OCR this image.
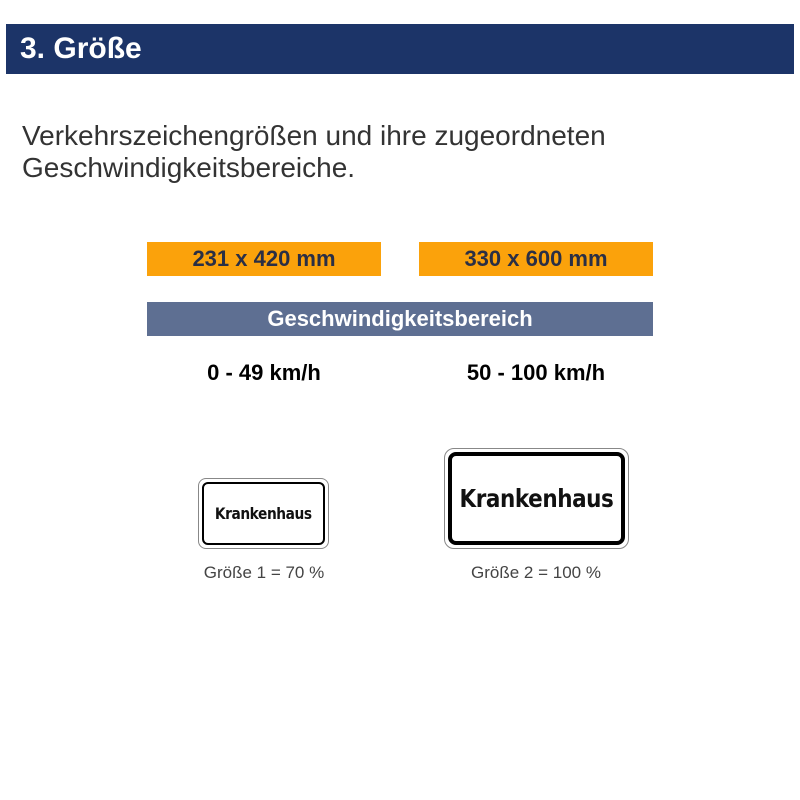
3. Größe
Verkehrszeichengrößen und ihre zugeordneten Geschwindigkeitsbereiche.
231 x 420 mm	330 x 600 mm
Geschwindigkeitsbereich
0 - 49 km/h	50 - 100 km/h
Krankenhaus
Krankenhaus
Größe 1 = 70 %	Größe 2 = 100 %
